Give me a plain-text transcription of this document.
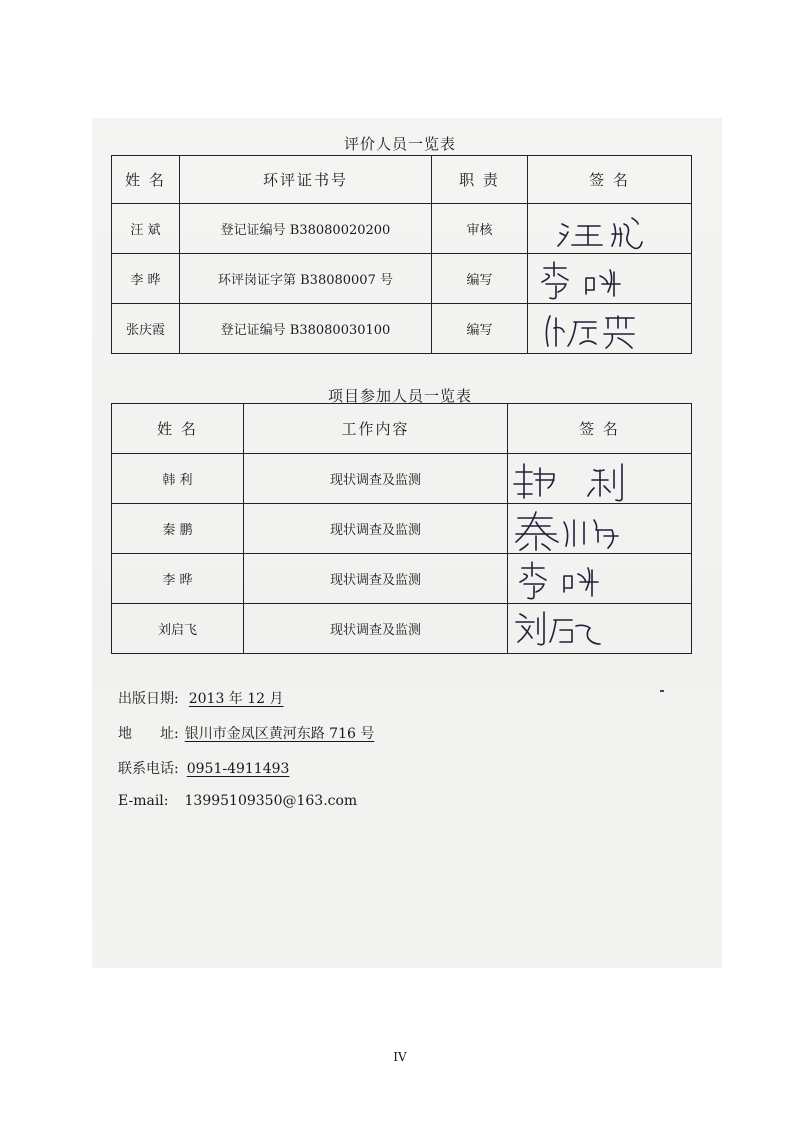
评价人员一览表
姓 名	环评证书号	职 责	签 名
汪 斌	登记证编号 B38080020200	审核	

李 晔	环评岗证字第 B38080007 号	编写	

张庆霞	登记证编号 B38080030100	编写	
项目参加人员一览表
姓 名	工作内容	签 名
韩 利	现状调查及监测	

秦 鹏	现状调查及监测	

李 晔	现状调查及监测	

刘启飞	现状调查及监测	
出版日期: 2013 年 12 月
地　　址: 银川市金凤区黄河东路 716 号
联系电话: 0951-4911493
E-mail: 13995109350@163.com
IV
